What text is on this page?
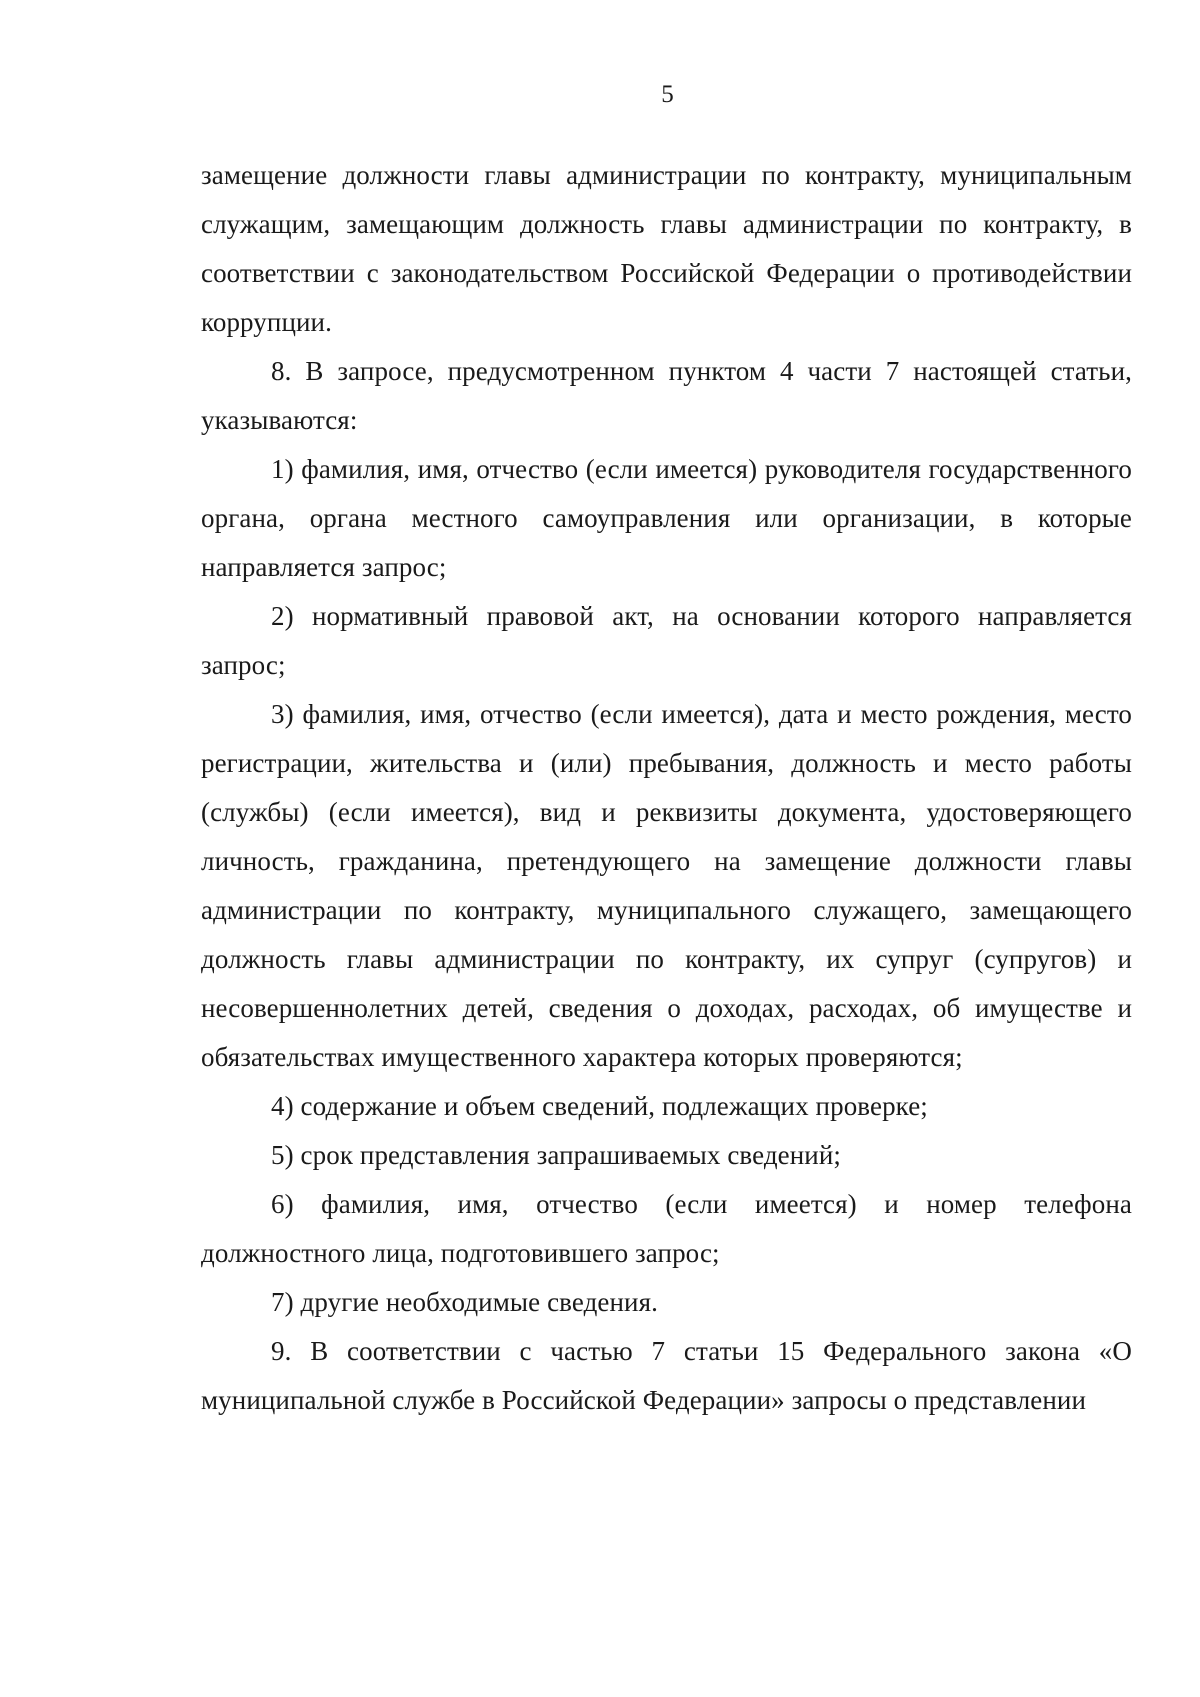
5

замещение должности главы администрации по контракту, муниципальным служащим, замещающим должность главы администрации по контракту, в соответствии с законодательством Российской Федерации о противодействии коррупции.

8. В запросе, предусмотренном пунктом 4 части 7 настоящей статьи, указываются:

1) фамилия, имя, отчество (если имеется) руководителя государственного органа, органа местного самоуправления или организации, в которые направляется запрос;

2) нормативный правовой акт, на основании которого направляется запрос;

3) фамилия, имя, отчество (если имеется), дата и место рождения, место регистрации, жительства и (или) пребывания, должность и место работы (службы) (если имеется), вид и реквизиты документа, удостоверяющего личность, гражданина, претендующего на замещение должности главы администрации по контракту, муниципального служащего, замещающего должность главы администрации по контракту, их супруг (супругов) и несовершеннолетних детей, сведения о доходах, расходах, об имуществе и обязательствах имущественного характера которых проверяются;

4) содержание и объем сведений, подлежащих проверке;

5) срок представления запрашиваемых сведений;

6) фамилия, имя, отчество (если имеется) и номер телефона должностного лица, подготовившего запрос;

7) другие необходимые сведения.

9. В соответствии с частью 7 статьи 15 Федерального закона «О муниципальной службе в Российской Федерации» запросы о представлении
